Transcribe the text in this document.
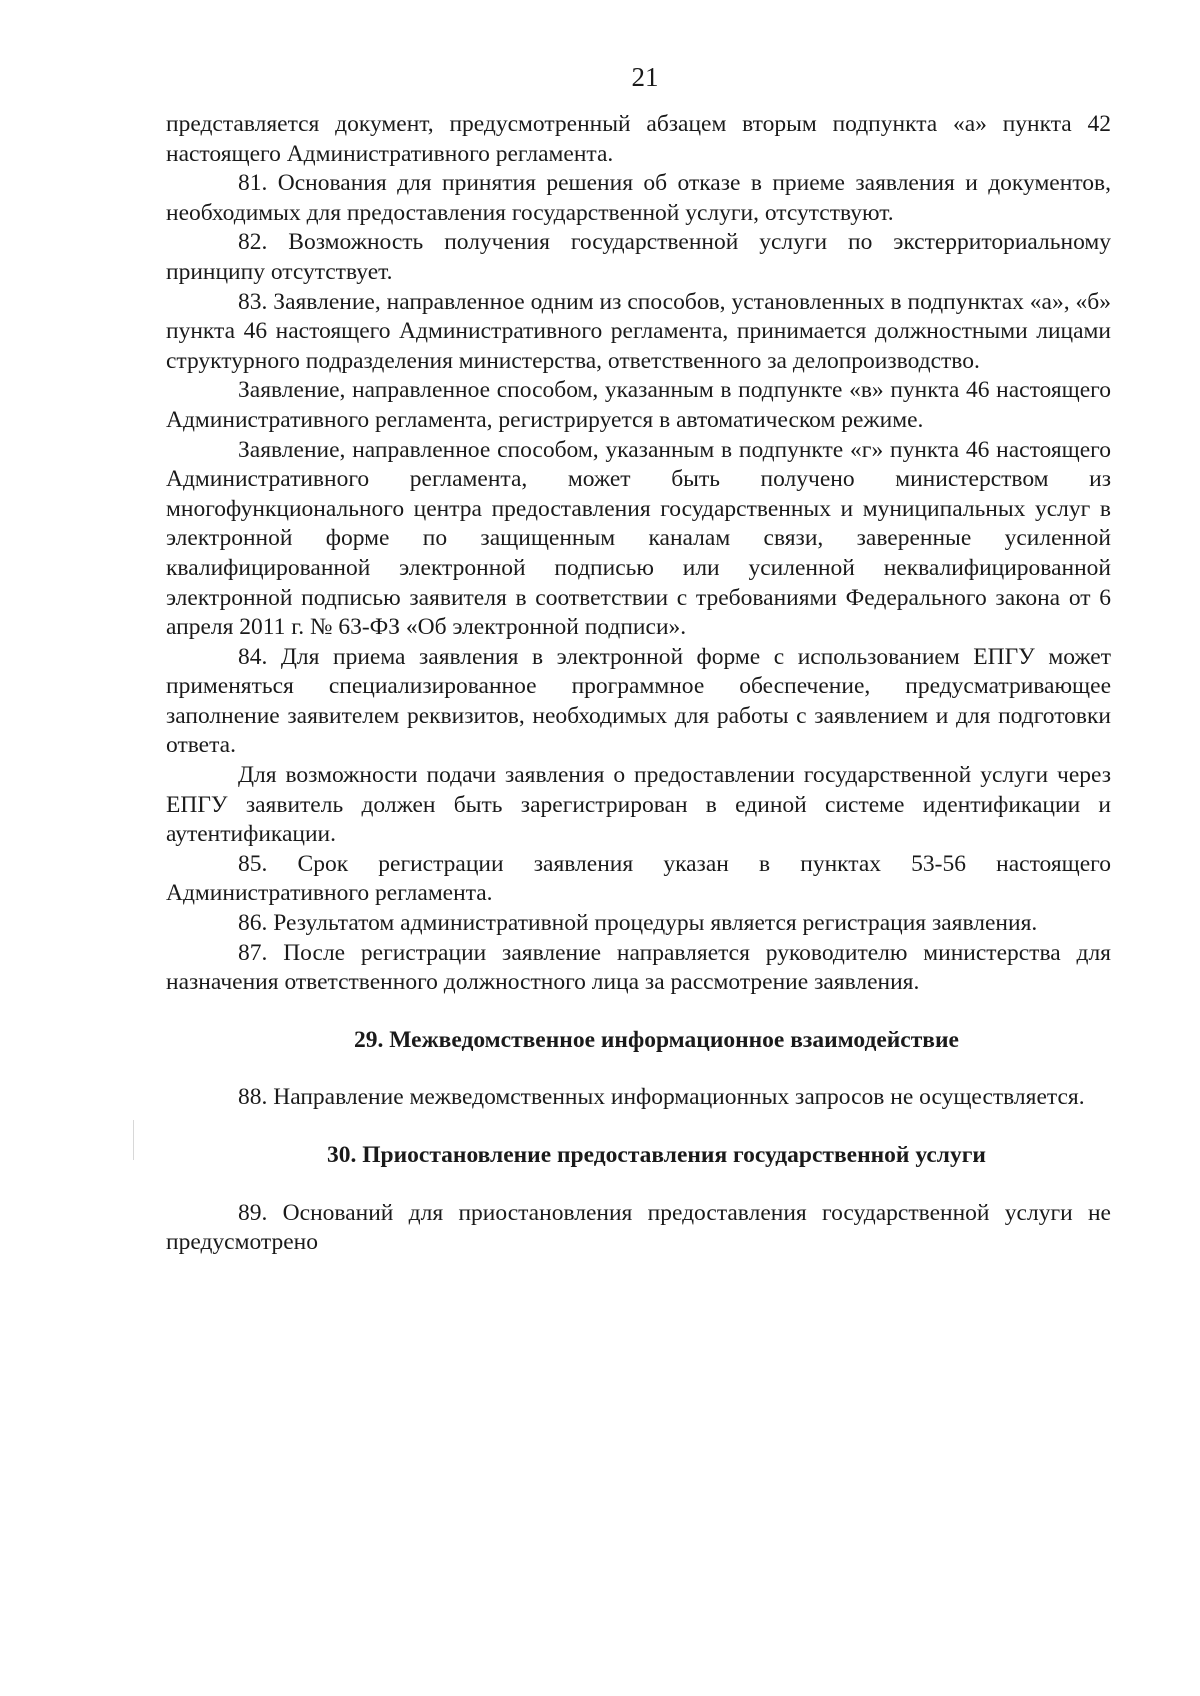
21

представляется документ, предусмотренный абзацем вторым подпункта «а» пункта 42 настоящего Административного регламента.

81. Основания для принятия решения об отказе в приеме заявления и документов, необходимых для предоставления государственной услуги, отсутствуют.

82. Возможность получения государственной услуги по экстерриториальному принципу отсутствует.

83. Заявление, направленное одним из способов, установленных в подпунктах «а», «б» пункта 46 настоящего Административного регламента, принимается должностными лицами структурного подразделения министерства, ответственного за делопроизводство.

Заявление, направленное способом, указанным в подпункте «в» пункта 46 настоящего Административного регламента, регистрируется в автоматическом режиме.

Заявление, направленное способом, указанным в подпункте «г» пункта 46 настоящего Административного регламента, может быть получено министерством из многофункционального центра предоставления государственных и муниципальных услуг в электронной форме по защищенным каналам связи, заверенные усиленной квалифицированной электронной подписью или усиленной неквалифицированной электронной подписью заявителя в соответствии с требованиями Федерального закона от 6 апреля 2011 г. № 63-ФЗ «Об электронной подписи».

84. Для приема заявления в электронной форме с использованием ЕПГУ может применяться специализированное программное обеспечение, предусматривающее заполнение заявителем реквизитов, необходимых для работы с заявлением и для подготовки ответа.

Для возможности подачи заявления о предоставлении государственной услуги через ЕПГУ заявитель должен быть зарегистрирован в единой системе идентификации и аутентификации.

85. Срок регистрации заявления указан в пунктах 53-56 настоящего Административного регламента.

86. Результатом административной процедуры является регистрация заявления.

87. После регистрации заявление направляется руководителю министерства для назначения ответственного должностного лица за рассмотрение заявления.

29. Межведомственное информационное взаимодействие

88. Направление межведомственных информационных запросов не осуществляется.

30. Приостановление предоставления государственной услуги

89. Оснований для приостановления предоставления государственной услуги не предусмотрено
